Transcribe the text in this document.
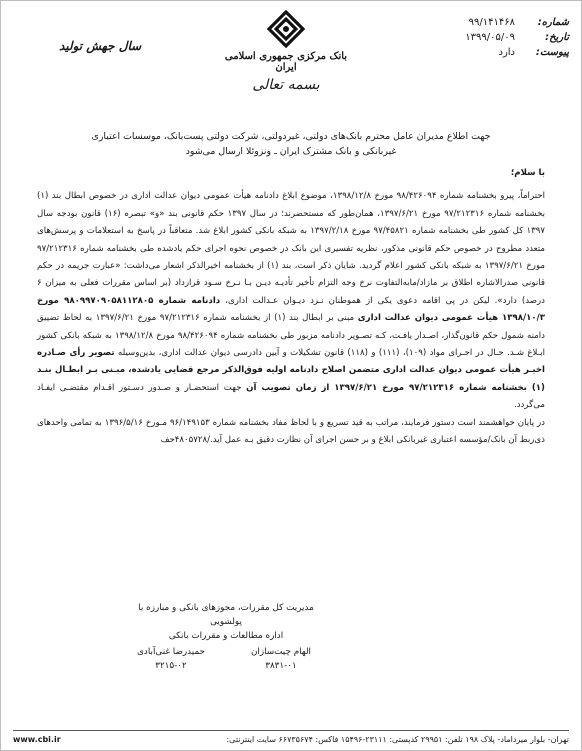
شماره:
۹۹/۱۴۱۴۶۸
تاریخ:
۱۳۹۹/۰۵/۰۹
پیوست:
دارد
بانک مرکزی جمهوری اسلامی ایران
بسمه تعالی
سال جهش تولید
جهت اطلاع مدیران عامل محترم بانک‌های دولتی، غیردولتی، شرکت دولتی پست‌بانک، موسسات اعتباری
غیربانکی و بانک مشترک ایران ـ ونزوئلا ارسال می‌شود

با سلام؛

احتراماً، پیرو بخشنامه شماره ۹۸/۴۲۶۰۹۴ مورخ ۱۳۹۸/۱۲/۸، موضوع ابلاغ دادنامه هیأت عمومی دیوان عدالت اداری در خصوص ابطال بند (۱) بخشنامه شماره ۹۷/۲۱۲۳۱۶ مورخ ۱۳۹۷/۶/۲۱، همان‌طور که مستحضرند؛ در سال ۱۳۹۷ حکم قانونی بند «و» تبصره (۱۶) قانون بودجه سال ۱۳۹۷ کل کشور طی بخشنامه شماره ۹۷/۴۵۸۲۱ مورخ ۱۳۹۷/۲/۱۸ به شبکه بانکی کشور ابلاغ شد. متعاقباً در پاسخ به استعلامات و پرسش‌های متعدد مطروح در خصوص حکم قانونی مذکور، نظریه تفسیری این بانک در خصوص نحوه اجرای حکم یادشده طی بخشنامه شماره ۹۷/۲۱۲۳۱۶ مورخ ۱۳۹۷/۶/۲۱ به شبکه بانکی کشور اعلام گردید. شایان ذکر است، بند (۱) از بخشنامه اخیرالذکر اشعار می‌داشت: «عبارت جریمه در حکم قانونی صدرالاشاره اطلاق بر مازاد/مابه‌التفاوت نرخ وجه التزام تأخیر تأدیـه دیـن بـا نـرخ سـود قرارداد (بر اساس مقررات فعلی به میزان ۶ درصد) دارد». لیکن در پی اقامه دعوی یکی از هموطنان نـزد دیـوان عـدالت اداری، دادنامه شماره ۹۸۰۹۹۷۰۹۰۵۸۱۱۲۸۰۵ مورخ ۱۳۹۸/۱۰/۳ هیأت عمومی دیوان عدالت اداری مبنی بر ابطال بند (۱) از بخشنامه شماره ۹۷/۲۱۲۳۱۶ مورخ ۱۳۹۷/۶/۲۱ به لحاظ تضییق دامنه شمول حکم قانون‌گذار، اصـدار یافـت، کـه تصـویر دادنامه مزبور طی بخشنامه شماره ۹۸/۴۲۶۰۹۴ مورخ ۱۳۹۸/۱۲/۸ به شبکه بانکی کشور ابـلاغ شـد. حـال در اجـرای مواد (۱۰۹)، (۱۱۱) و (۱۱۸) قانون تشکیلات و آیین دادرسی دیوان عدالت اداری، بدین‌وسیله تصویر رأی صـادره اخیـر هیأت عمومی دیوان عدالت اداری متضمن اصلاح دادنامه اولیه فوق‌الذکر مرجع قضایی یادشده، مبـنی بـر ابطـال بنـد (۱) بخشنامه شماره ۹۷/۲۱۲۳۱۶ مورخ ۱۳۹۷/۶/۲۱ از زمان تصویب آن جهت استحضـار و صـدور دسـتور اقـدام مقتضـی ایفـاد می‌گردد.

در پایان خواهشمند است دستور فرمایند، مراتب به قید تسریع و با لحاظ مفاد بخشنامه شماره ۹۶/۱۴۹۱۵۳ مـورخ ۱۳۹۶/۵/۱۶ به تمامی واحدهای ذی‌ربط آن بانک/مؤسسه اعتباری غیربانکی ابلاغ و بر حسن اجرای آن نظارت دقیق بـه عمل آید./۴۸۰۵۷۲۸حف

مدیریت کل مقررات، مجوزهای بانکی و مبارزه با پولشویی
اداره مطالعات و مقررات بانکی
الهام چیت‌سازان
۳۸۳۱-۰۱
حمیدرضا غنی‌آبادی
۳۲۱۵-۰۲
www.cbi.ir	تهران- بلوار میرداماد- پلاک ۱۹۸ تلفن: ۲۹۹۵۱ کدپستی: ۲۳۱۱۱-۱۵۴۹۶ فاکس: ۶۶۷۳۵۶۷۴ سایت اینترنتی:
